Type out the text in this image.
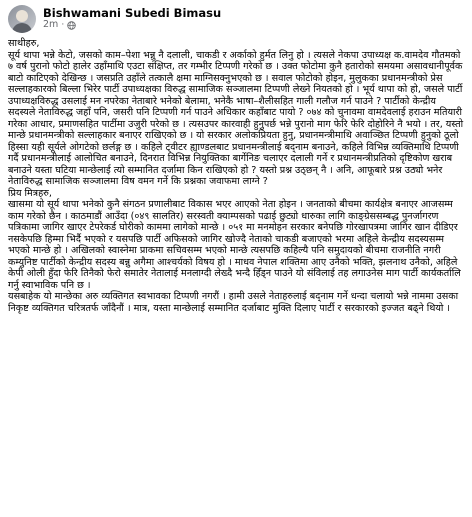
Bishwamani Subedi Bimasu
2m ·

साथीहरु,

सूर्य थापा भन्ने केटो, जसको काम–पेशा भन्नु नै दलाली, चाकडी र अर्काको हुर्मत लिनु हो । त्यसले नेकपा उपाध्यक्ष क.वामदेव गौतमको ७ वर्ष पुरानो फोटो हालेर उहाँमाथि एउटा संक्षिप्त, तर गम्भीर टिप्पणी गरेको छ । उक्त फोटोमा कुनै हतारोको समयमा असावधानीपूर्वक बाटो काटिएको देखिन्छ । जसप्रति उहाँले तत्कालै क्षमा माग्निसक्नुभएको छ । सवाल फोटोको होइन, मुलुकका प्रधानमन्त्रीको प्रेस सल्लाहकारको बिल्ला भिरेर पार्टी उपाध्यक्षका विरुद्ध सामाजिक सञ्जालमा टिप्पणी लेख्ने नियतको हो । भूर्य थापा को हो, जसले पार्टी उपाध्यक्षविरुद्ध उसलाई मन नपरेका नेताबारे भनेको बेलामा, भनेकै भाषा–शैलीसहित गाली गलौज गर्न पाउने ? पार्टीको केन्द्रीय सदस्यले नेताविरुद्ध जहाँ पनि, जसरी पनि टिप्पणी गर्न पाउने अधिकार कहाँबाट पायो ? ०७४ को चुनावमा वामदेवलाई हराउन मतियारी गरेका आधार, प्रमाणसहित पार्टीमा उजुरी परेको छ । त्यसउपर कारवाही हुनुपर्छ भन्ने पुरानो माग फेरि फेरि दोहोरिने नै भयो । तर, यस्तो मान्छे प्रधानमन्त्रीको सल्लाहकार बनाएर राखिएको छ । यो सरकार अलोकप्रियता हुनु, प्रधानमन्त्रीमाथि अवाञ्छित टिप्पणी हुनुको ठूलो हिस्सा यही सूर्यले ओगटेको छर्लङ्ग छ । कहिले ट्वीटर ह्याण्डलबाट प्रधानमन्त्रीलाई बद्नाम बनाउने, कहिले विभिन्न व्यक्तिमाथि टिप्पणी गर्दै प्रधानमन्त्रीलाई आलोचित बनाउने, दिनरात विभिन्न नियुक्तिका बार्गेनिङ चलाएर दलाली गर्ने र प्रधानमन्त्रीप्रतिको दृष्टिकोण खराब बनाउने यस्ता घटिया मान्छेलाई त्यो सम्मानित दर्जामा किन राखिएको हो ? यस्तो प्रश्न उठ्छन् नै । अनि, आफूबारे प्रश्न उठ्यो भनेर नेताविरुद्ध सामाजिक सञ्जालमा विष वमन गर्ने कि प्रश्नका जवाफमा लाग्ने ?

प्रिय मित्रहरु,

खासमा यो सूर्य थापा भनेको कुनै संगठन प्रणालीबाट विकास भएर आएको नेता होइन । जनताको बीचमा कार्यक्षेत्र बनाएर आजसम्म काम गरेको छैन । काठमाडौं आउँदा (०४९ सालतिर) सरस्वती क्याम्पसको पढाई छुट्यो धारुका लागि काङ्ग्रेससम्बद्ध पुनर्जागरण पत्रिकामा जागिर खाएर टेपरेकर्ड घोरीको काममा लागेको मान्छे । ०५१ मा मनमोहन सरकार बनेपछि गोरखापत्रमा जागिर खान दीडिएर नसकेपछि हिम्मा भिर्दै भएको र यसपछि पार्टी अफिसको जागिर खोज्दै नेताको चाकडी बजाएको भरमा अहिले केन्द्रीय सदस्यसम्म भएको मान्छे हो । अखिलको स्वास्नेमा प्राकमा सचिवसम्म भएको मान्छे त्यसपछि कहिल्यै पनि समुदायको बीचमा राजनीति नगरी कम्युनिष्ट पार्टीको केन्द्रीय सदस्य बन्नु अगैमा आश्चर्यको विषय हो । माधव नेपाल शक्तिमा आए उनैको भक्ति, झलनाथ उनैको, अहिले केपी ओली हुँदा फेरि तिनैको फेरो समातेर नेतालाई मनलाग्दी लेख्दै भन्दै हिँड्न पाउने यो संविलाई तह लगाउनेस माग पार्टी कार्यकर्तालि गर्नु स्वाभाविक पनि छ ।

यसबाहेक यो मान्छेका अरु व्यक्तिगत स्वभावका टिप्पणी नगरौं । हामी उसले नेताहरुलाई बद्नाम गर्ने धन्दा चलायो भन्ने नाममा उसका निकृष्ट व्यक्तिगत चरित्रतर्फ जाँदैनौं । मात्र, यस्ता मान्छेलाई सम्मानित दर्जाबाट मुक्ति दिलाए पार्टी र सरकारको इज्जत बढ्ने थियो ।
